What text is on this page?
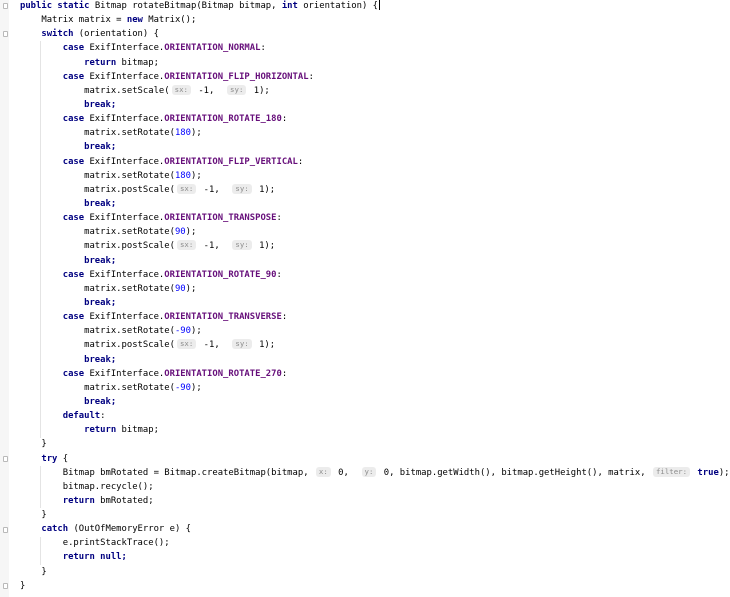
public static Bitmap rotateBitmap(Bitmap bitmap, int orientation) {
Matrix matrix = new Matrix();
switch (orientation) {
case ExifInterface.ORIENTATION_NORMAL:
return bitmap;
case ExifInterface.ORIENTATION_FLIP_HORIZONTAL:
matrix.setScale( sx: -1,  sy: 1);
break;
case ExifInterface.ORIENTATION_ROTATE_180:
matrix.setRotate(180);
break;
case ExifInterface.ORIENTATION_FLIP_VERTICAL:
matrix.setRotate(180);
matrix.postScale( sx: -1,  sy: 1);
break;
case ExifInterface.ORIENTATION_TRANSPOSE:
matrix.setRotate(90);
matrix.postScale( sx: -1,  sy: 1);
break;
case ExifInterface.ORIENTATION_ROTATE_90:
matrix.setRotate(90);
break;
case ExifInterface.ORIENTATION_TRANSVERSE:
matrix.setRotate(-90);
matrix.postScale( sx: -1,  sy: 1);
break;
case ExifInterface.ORIENTATION_ROTATE_270:
matrix.setRotate(-90);
break;
default:
return bitmap;
}
try {
Bitmap bmRotated = Bitmap.createBitmap(bitmap, x: 0,  y: 0, bitmap.getWidth(), bitmap.getHeight(), matrix, filter: true);
bitmap.recycle();
return bmRotated;
}
catch (OutOfMemoryError e) {
e.printStackTrace();
return null;
}
}
